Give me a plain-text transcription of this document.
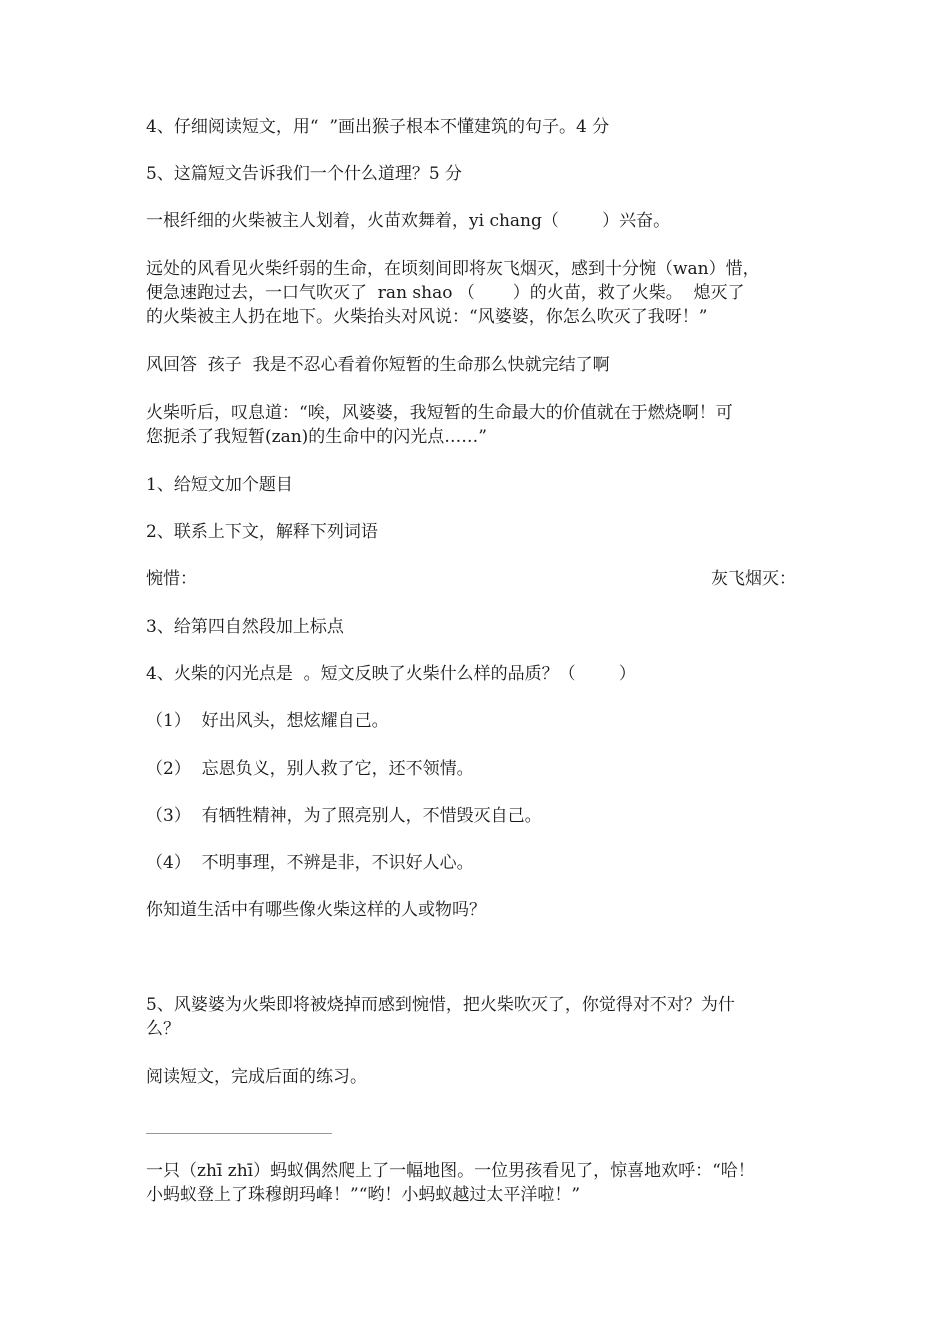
4、仔细阅读短文，用“  ”画出猴子根本不懂建筑的句子。4 分
5、这篇短文告诉我们一个什么道理？5 分
一根纤细的火柴被主人划着，火苗欢舞着，yi chang（        ）兴奋。
远处的风看见火柴纤弱的生命，在顷刻间即将灰飞烟灭，感到十分惋（wan）惜，
便急速跑过去，一口气吹灭了  ran shao （       ）的火苗，救了火柴。  熄灭了
的火柴被主人扔在地下。火柴抬头对风说：“风婆婆，你怎么吹灭了我呀！”
风回答  孩子  我是不忍心看着你短暂的生命那么快就完结了啊
火柴听后，叹息道：“唉，风婆婆，我短暂的生命最大的价值就在于燃烧啊！可
您扼杀了我短暂(zan)的生命中的闪光点……”
1、给短文加个题目
2、联系上下文，解释下列词语
惋惜：	灰飞烟灭：
3、给第四自然段加上标点
4、火柴的闪光点是  。短文反映了火柴什么样的品质？（        ）
（1）  好出风头，想炫耀自己。
（2）  忘恩负义，别人救了它，还不领情。
（3）  有牺牲精神，为了照亮别人，不惜毁灭自己。
（4）  不明事理，不辨是非，不识好人心。
你知道生活中有哪些像火柴这样的人或物吗？
5、风婆婆为火柴即将被烧掉而感到惋惜，把火柴吹灭了，你觉得对不对？为什
么？
阅读短文，完成后面的练习。
一只（zhī zhī）蚂蚁偶然爬上了一幅地图。一位男孩看见了，惊喜地欢呼：“哈！
小蚂蚁登上了珠穆朗玛峰！”“哟！小蚂蚁越过太平洋啦！”
